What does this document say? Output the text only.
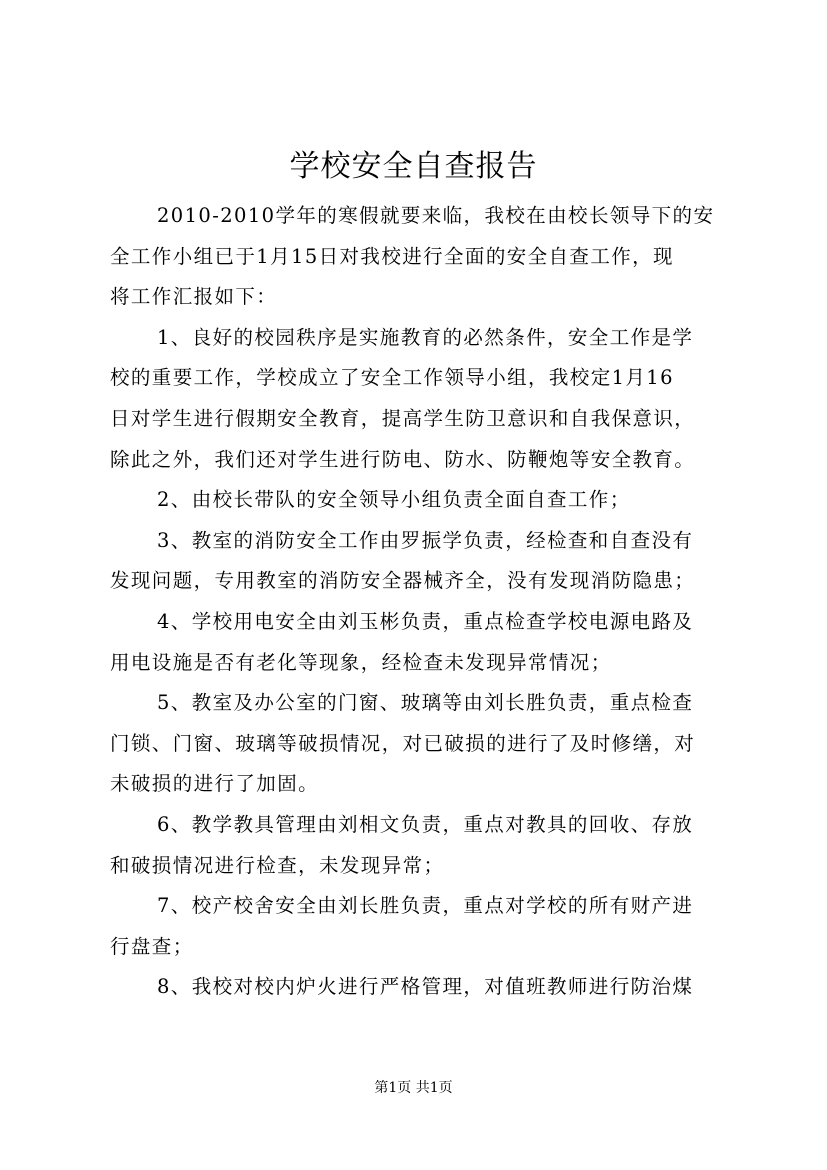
学校安全自查报告
2010-2010学年的寒假就要来临，我校在由校长领导下的安
全工作小组已于1月15日对我校进行全面的安全自查工作，现
将工作汇报如下：
1、良好的校园秩序是实施教育的必然条件，安全工作是学
校的重要工作，学校成立了安全工作领导小组，我校定1月16
日对学生进行假期安全教育，提高学生防卫意识和自我保意识，
除此之外，我们还对学生进行防电、防水、防鞭炮等安全教育。
2、由校长带队的安全领导小组负责全面自查工作；
3、教室的消防安全工作由罗振学负责，经检查和自查没有
发现问题，专用教室的消防安全器械齐全，没有发现消防隐患；
4、学校用电安全由刘玉彬负责，重点检查学校电源电路及
用电设施是否有老化等现象，经检查未发现异常情况；
5、教室及办公室的门窗、玻璃等由刘长胜负责，重点检查
门锁、门窗、玻璃等破损情况，对已破损的进行了及时修缮，对
未破损的进行了加固。
6、教学教具管理由刘相文负责，重点对教具的回收、存放
和破损情况进行检查，未发现异常；
7、校产校舍安全由刘长胜负责，重点对学校的所有财产进
行盘查；
8、我校对校内炉火进行严格管理，对值班教师进行防治煤
第1页 共1页
